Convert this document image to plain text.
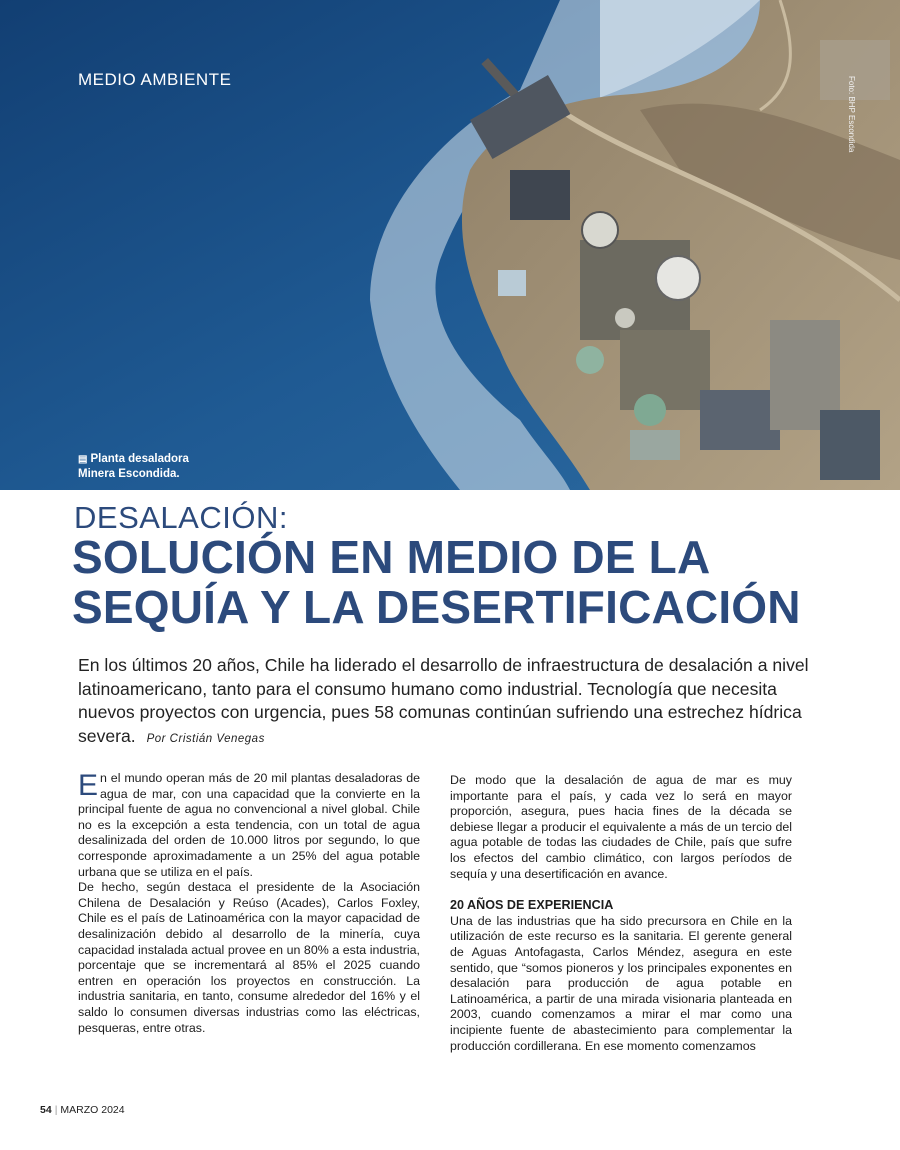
MEDIO AMBIENTE	Foto: BHP Escondida
▤ Planta desaladora
Minera Escondida.
DESALACIÓN:
SOLUCIÓN EN MEDIO DE LA
SEQUÍA Y LA DESERTIFICACIÓN

En los últimos 20 años, Chile ha liderado el desarrollo de infraestructura de desalación a nivel latinoamericano, tanto para el consumo humano como industrial. Tecnología que necesita nuevos proyectos con urgencia, pues 58 comunas continúan sufriendo una estrechez hídrica severa. Por Cristián Venegas

En el mundo operan más de 20 mil plantas desaladoras de agua de mar, con una capacidad que la convierte en la principal fuente de agua no convencional a nivel global. Chile no es la excepción a esta tendencia, con un total de agua desalinizada del orden de 10.000 litros por segundo, lo que corresponde aproximadamente a un 25% del agua potable urbana que se utiliza en el país.

De hecho, según destaca el presidente de la Asociación Chilena de Desalación y Reúso (Acades), Carlos Foxley, Chile es el país de Latinoamérica con la mayor capacidad de desalinización debido al desarrollo de la minería, cuya capacidad instalada actual provee en un 80% a esta industria, porcentaje que se incrementará al 85% el 2025 cuando entren en operación los proyectos en construcción. La industria sanitaria, en tanto, consume alrededor del 16% y el saldo lo consumen diversas industrias como las eléctricas, pesqueras, entre otras.

De modo que la desalación de agua de mar es muy importante para el país, y cada vez lo será en mayor proporción, asegura, pues hacia fines de la década se debiese llegar a producir el equivalente a más de un tercio del agua potable de todas las ciudades de Chile, país que sufre los efectos del cambio climático, con largos períodos de sequía y una desertificación en avance.

20 AÑOS DE EXPERIENCIA

Una de las industrias que ha sido precursora en Chile en la utilización de este recurso es la sanitaria. El gerente general de Aguas Antofagasta, Carlos Méndez, asegura en este sentido, que “somos pioneros y los principales exponentes en desalación para producción de agua potable en Latinoamérica, a partir de una mirada visionaria planteada en 2003, cuando comenzamos a mirar el mar como una incipiente fuente de abastecimiento para complementar la producción cordillerana. En ese momento comenzamos

54 | MARZO 2024
